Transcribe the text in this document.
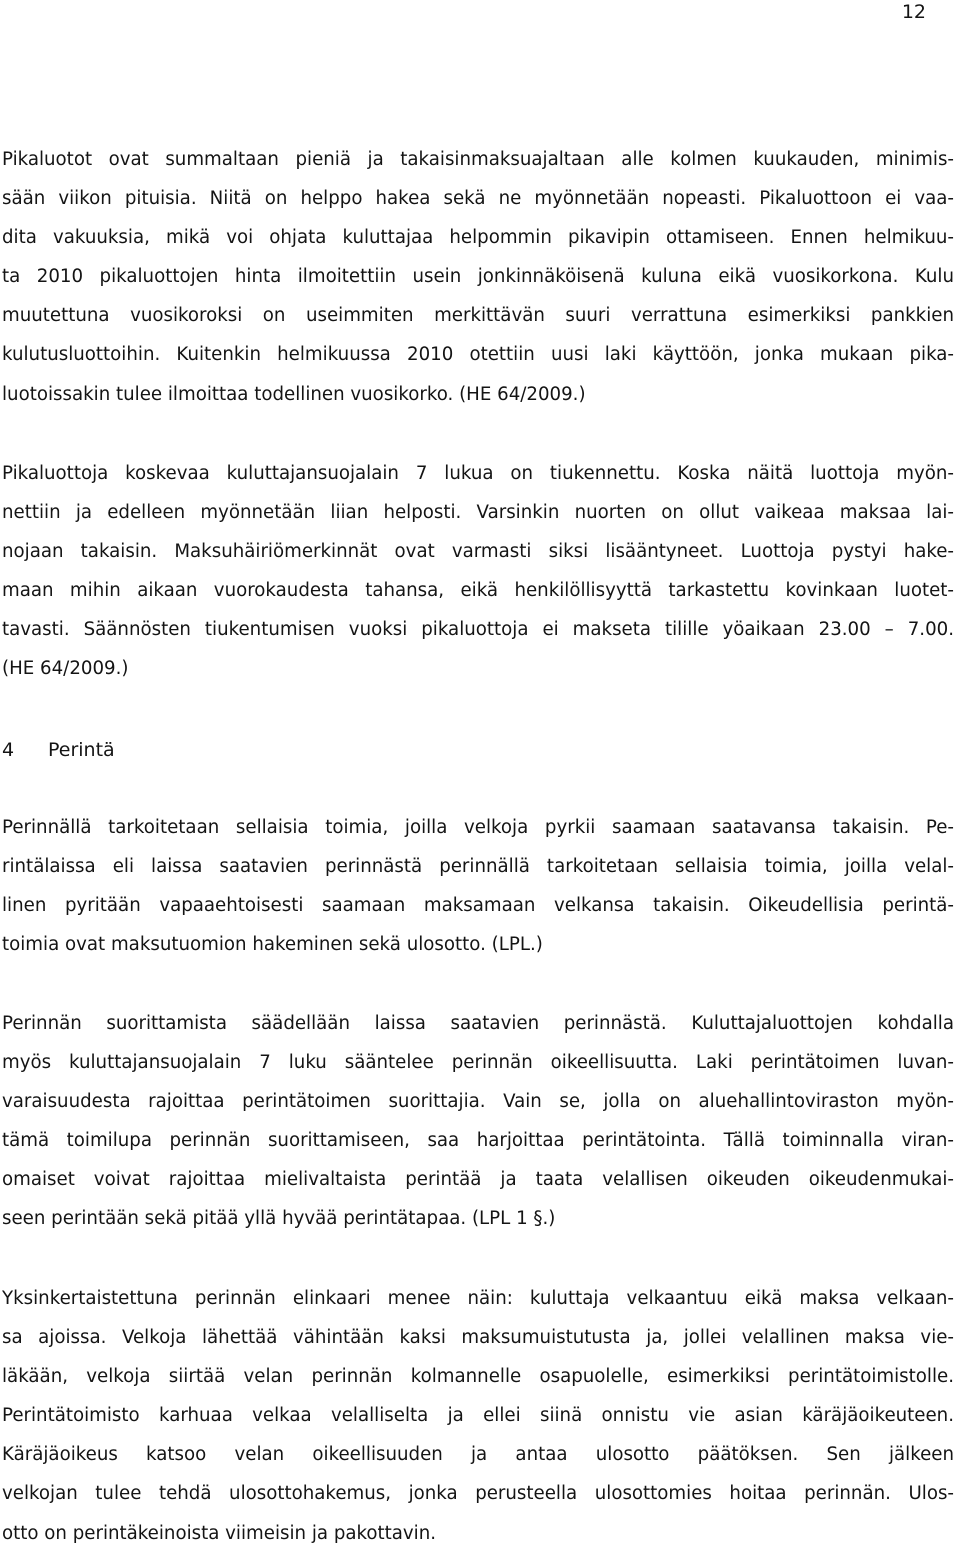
12
Pikaluotot ovat summaltaan pieniä ja takaisinmaksuajaltaan alle kolmen kuukauden, minimis-
sään viikon pituisia. Niitä on helppo hakea sekä ne myönnetään nopeasti. Pikaluottoon ei vaa-
dita vakuuksia, mikä voi ohjata kuluttajaa helpommin pikavipin ottamiseen. Ennen helmikuu-
ta 2010 pikaluottojen hinta ilmoitettiin usein jonkinnäköisenä kuluna eikä vuosikorkona. Kulu
muutettuna vuosikoroksi on useimmiten merkittävän suuri verrattuna esimerkiksi pankkien
kulutusluottoihin. Kuitenkin helmikuussa 2010 otettiin uusi laki käyttöön, jonka mukaan pika-
luotoissakin tulee ilmoittaa todellinen vuosikorko. (HE 64/2009.)
Pikaluottoja koskevaa kuluttajansuojalain 7 lukua on tiukennettu. Koska näitä luottoja myön-
nettiin ja edelleen myönnetään liian helposti. Varsinkin nuorten on ollut vaikeaa maksaa lai-
nojaan takaisin. Maksuhäiriömerkinnät ovat varmasti siksi lisääntyneet. Luottoja pystyi hake-
maan mihin aikaan vuorokaudesta tahansa, eikä henkilöllisyyttä tarkastettu kovinkaan luotet-
tavasti. Säännösten tiukentumisen vuoksi pikaluottoja ei makseta tilille yöaikaan 23.00 – 7.00.
(HE 64/2009.)
4 Perintä
Perinnällä tarkoitetaan sellaisia toimia, joilla velkoja pyrkii saamaan saatavansa takaisin. Pe-
rintälaissa eli laissa saatavien perinnästä perinnällä tarkoitetaan sellaisia toimia, joilla velal-
linen pyritään vapaaehtoisesti saamaan maksamaan velkansa takaisin. Oikeudellisia perintä-
toimia ovat maksutuomion hakeminen sekä ulosotto. (LPL.)
Perinnän suorittamista säädellään laissa saatavien perinnästä. Kuluttajaluottojen kohdalla
myös kuluttajansuojalain 7 luku sääntelee perinnän oikeellisuutta. Laki perintätoimen luvan-
varaisuudesta rajoittaa perintätoimen suorittajia. Vain se, jolla on aluehallintoviraston myön-
tämä toimilupa perinnän suorittamiseen, saa harjoittaa perintätointa. Tällä toiminnalla viran-
omaiset voivat rajoittaa mielivaltaista perintää ja taata velallisen oikeuden oikeudenmukai-
seen perintään sekä pitää yllä hyvää perintätapaa. (LPL 1 §.)
Yksinkertaistettuna perinnän elinkaari menee näin: kuluttaja velkaantuu eikä maksa velkaan-
sa ajoissa. Velkoja lähettää vähintään kaksi maksumuistutusta ja, jollei velallinen maksa vie-
läkään, velkoja siirtää velan perinnän kolmannelle osapuolelle, esimerkiksi perintätoimistolle.
Perintätoimisto karhuaa velkaa velalliselta ja ellei siinä onnistu vie asian käräjäoikeuteen.
Käräjäoikeus katsoo velan oikeellisuuden ja antaa ulosotto päätöksen. Sen jälkeen
velkojan tulee tehdä ulosottohakemus, jonka perusteella ulosottomies hoitaa perinnän. Ulos-
otto on perintäkeinoista viimeisin ja pakottavin.
